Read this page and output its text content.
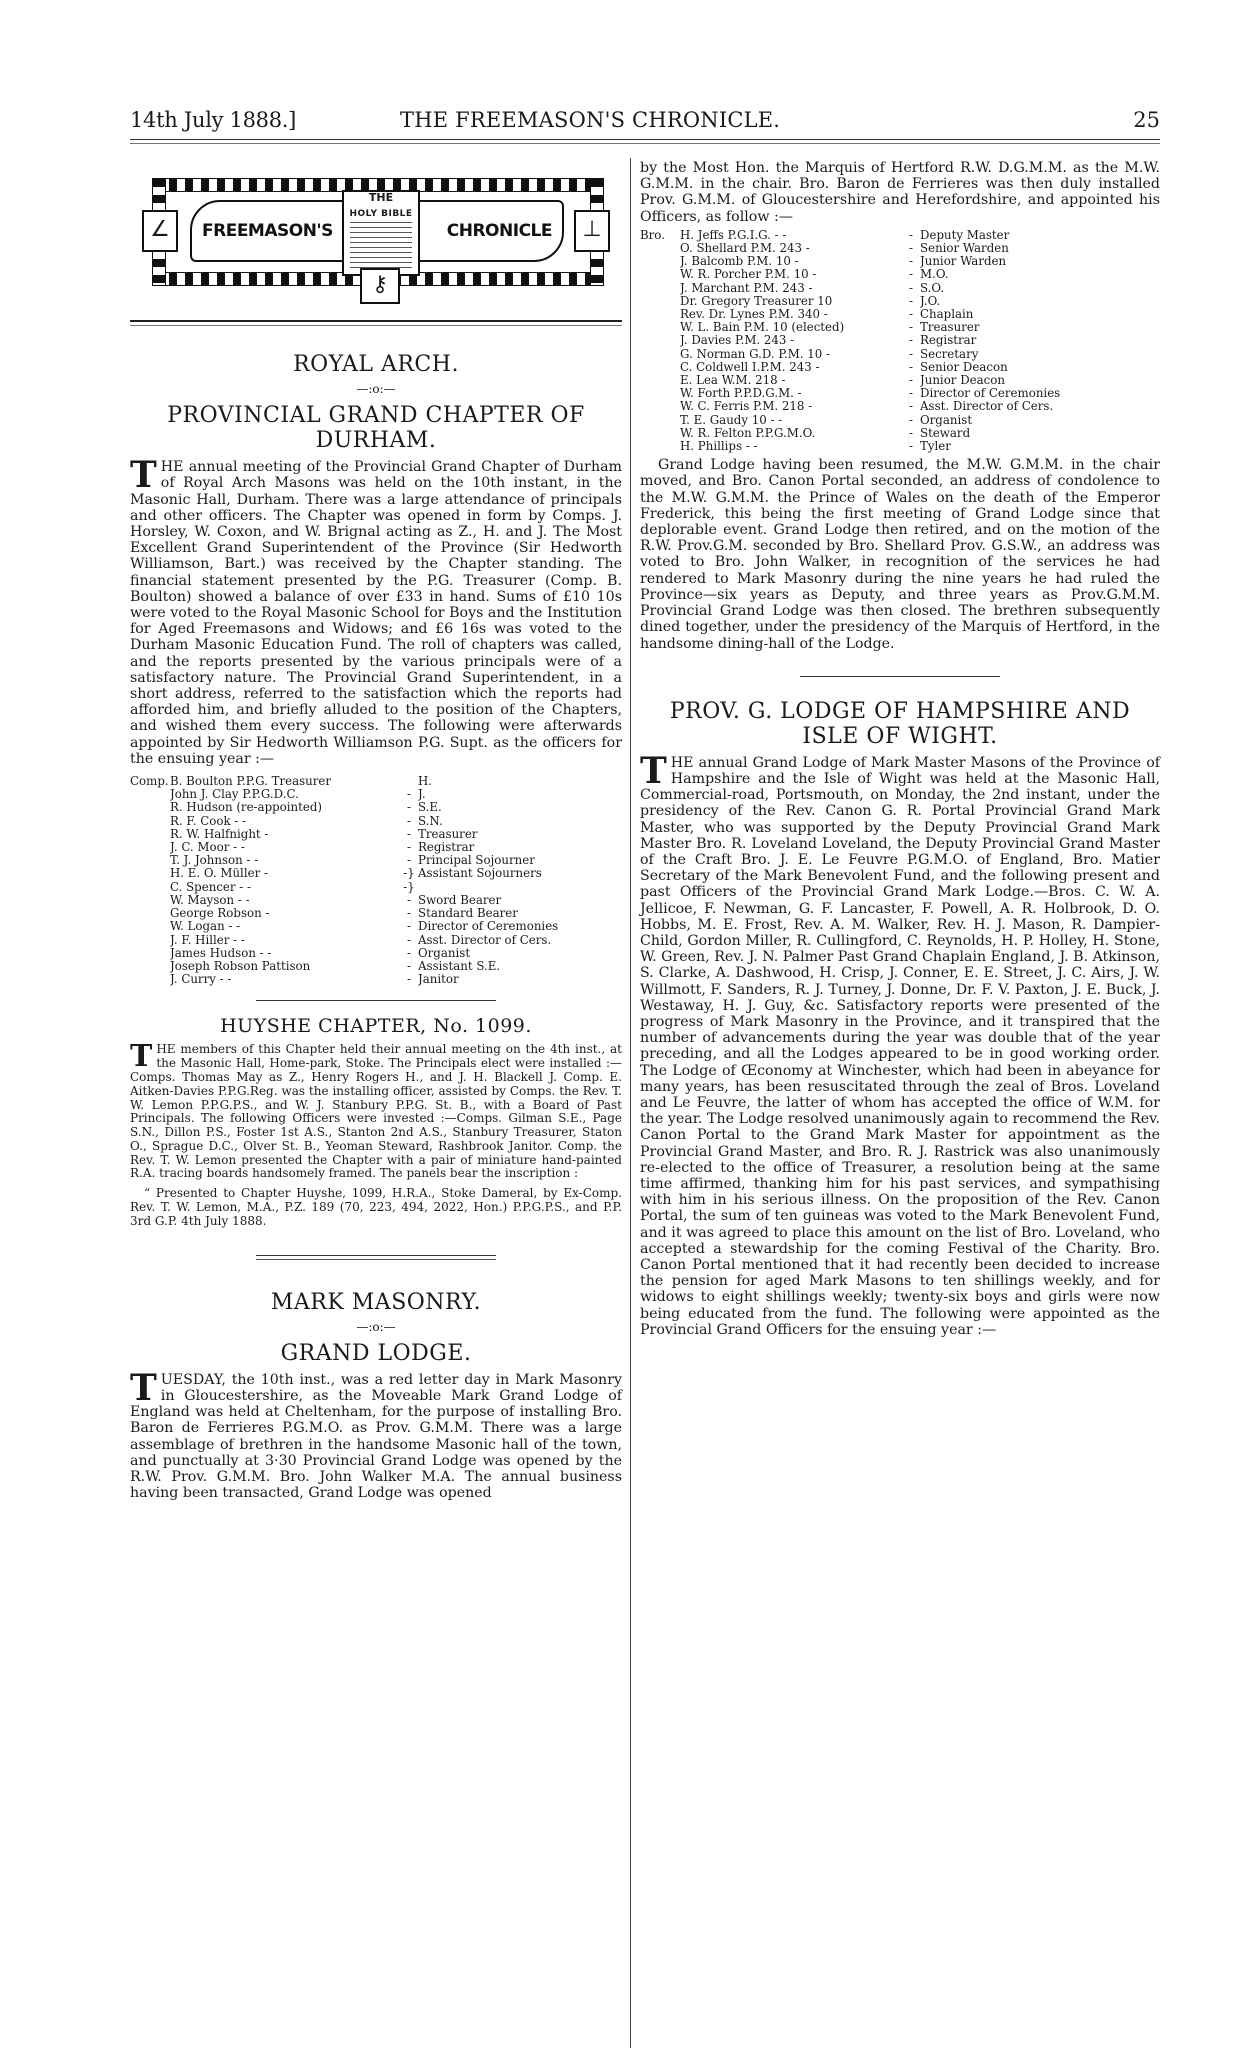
14th July 1888.]	THE FREEMASON'S CHRONICLE.	25
∠	⊥
FREEMASON'S	CHRONICLE
THE
HOLY BIBLE
⚷
ROYAL ARCH.
—:o:—
PROVINCIAL GRAND CHAPTER OF DURHAM.

THE annual meeting of the Provincial Grand Chapter of Durham of Royal Arch Masons was held on the 10th instant, in the Masonic Hall, Durham. There was a large attendance of principals and other officers. The Chapter was opened in form by Comps. J. Horsley, W. Coxon, and W. Brignal acting as Z., H. and J. The Most Excellent Grand Superintendent of the Province (Sir Hedworth Williamson, Bart.) was received by the Chapter standing. The financial statement presented by the P.G. Treasurer (Comp. B. Boulton) showed a balance of over £33 in hand. Sums of £10 10s were voted to the Royal Masonic School for Boys and the Institution for Aged Freemasons and Widows; and £6 16s was voted to the Durham Masonic Education Fund. The roll of chapters was called, and the reports presented by the various principals were of a satisfactory nature. The Provincial Grand Superintendent, in a short address, referred to the satisfaction which the reports had afforded him, and briefly alluded to the position of the Chapters, and wished them every success. The following were afterwards appointed by Sir Hedworth Williamson P.G. Supt. as the officers for the ensuing year :—

Comp.	B. Boulton P.P.G. Treasurer		H.
	John J. Clay P.P.G.D.C.	-	J.
	R. Hudson (re-appointed)	-	S.E.
	R. F. Cook - -	-	S.N.
	R. W. Halfnight -	-	Treasurer
	J. C. Moor - -	-	Registrar
	T. J. Johnson - -	-	Principal Sojourner
	H. E. O. Müller -	-}	Assistant Sojourners
	C. Spencer - -	-}	
	W. Mayson - -	-	Sword Bearer
	George Robson -	-	Standard Bearer
	W. Logan - -	-	Director of Ceremonies
	J. F. Hiller - -	-	Asst. Director of Cers.
	James Hudson - -	-	Organist
	Joseph Robson Pattison	-	Assistant S.E.
	J. Curry - -	-	Janitor
HUYSHE CHAPTER, No. 1099.

THE members of this Chapter held their annual meeting on the 4th inst., at the Masonic Hall, Home-park, Stoke. The Principals elect were installed :—Comps. Thomas May as Z., Henry Rogers H., and J. H. Blackell J. Comp. E. Aitken-Davies P.P.G.Reg. was the installing officer, assisted by Comps. the Rev. T. W. Lemon P.P.G.P.S., and W. J. Stanbury P.P.G. St. B., with a Board of Past Principals. The following Officers were invested :—Comps. Gilman S.E., Page S.N., Dillon P.S., Foster 1st A.S., Stanton 2nd A.S., Stanbury Treasurer, Staton O., Sprague D.C., Olver St. B., Yeoman Steward, Rashbrook Janitor. Comp. the Rev. T. W. Lemon presented the Chapter with a pair of miniature hand-painted R.A. tracing boards handsomely framed. The panels bear the inscription :

“ Presented to Chapter Huyshe, 1099, H.R.A., Stoke Dameral, by Ex-Comp. Rev. T. W. Lemon, M.A., P.Z. 189 (70, 223, 494, 2022, Hon.) P.P.G.P.S., and P.P. 3rd G.P. 4th July 1888.

MARK MASONRY.
—:o:—
GRAND LODGE.

TUESDAY, the 10th inst., was a red letter day in Mark Masonry in Gloucestershire, as the Moveable Mark Grand Lodge of England was held at Cheltenham, for the purpose of installing Bro. Baron de Ferrieres P.G.M.O. as Prov. G.M.M. There was a large assemblage of brethren in the handsome Masonic hall of the town, and punctually at 3·30 Provincial Grand Lodge was opened by the R.W. Prov. G.M.M. Bro. John Walker M.A. The annual business having been transacted, Grand Lodge was opened

by the Most Hon. the Marquis of Hertford R.W. D.G.M.M. as the M.W. G.M.M. in the chair. Bro. Baron de Ferrieres was then duly installed Prov. G.M.M. of Gloucestershire and Herefordshire, and appointed his Officers, as follow :—

Bro.	H. Jeffs P.G.I.G. - -	-	Deputy Master
	O. Shellard P.M. 243 -	-	Senior Warden
	J. Balcomb P.M. 10 -	-	Junior Warden
	W. R. Porcher P.M. 10 -	-	M.O.
	J. Marchant P.M. 243 -	-	S.O.
	Dr. Gregory Treasurer 10	-	J.O.
	Rev. Dr. Lynes P.M. 340 -	-	Chaplain
	W. L. Bain P.M. 10 (elected)	-	Treasurer
	J. Davies P.M. 243 -	-	Registrar
	G. Norman G.D. P.M. 10 -	-	Secretary
	C. Coldwell I.P.M. 243 -	-	Senior Deacon
	E. Lea W.M. 218 -	-	Junior Deacon
	W. Forth P.P.D.G.M. -	-	Director of Ceremonies
	W. C. Ferris P.M. 218 -	-	Asst. Director of Cers.
	T. E. Gaudy 10 - -	-	Organist
	W. R. Felton P.P.G.M.O.	-	Steward
	H. Phillips - -	-	Tyler

Grand Lodge having been resumed, the M.W. G.M.M. in the chair moved, and Bro. Canon Portal seconded, an address of condolence to the M.W. G.M.M. the Prince of Wales on the death of the Emperor Frederick, this being the first meeting of Grand Lodge since that deplorable event. Grand Lodge then retired, and on the motion of the R.W. Prov.G.M. seconded by Bro. Shellard Prov. G.S.W., an address was voted to Bro. John Walker, in recognition of the services he had rendered to Mark Masonry during the nine years he had ruled the Province—six years as Deputy, and three years as Prov.G.M.M. Provincial Grand Lodge was then closed. The brethren subsequently dined together, under the presidency of the Marquis of Hertford, in the handsome dining-hall of the Lodge.

PROV. G. LODGE OF HAMPSHIRE AND ISLE OF WIGHT.

THE annual Grand Lodge of Mark Master Masons of the Province of Hampshire and the Isle of Wight was held at the Masonic Hall, Commercial-road, Portsmouth, on Monday, the 2nd instant, under the presidency of the Rev. Canon G. R. Portal Provincial Grand Mark Master, who was supported by the Deputy Provincial Grand Mark Master Bro. R. Loveland Loveland, the Deputy Provincial Grand Master of the Craft Bro. J. E. Le Feuvre P.G.M.O. of England, Bro. Matier Secretary of the Mark Benevolent Fund, and the following present and past Officers of the Provincial Grand Mark Lodge.—Bros. C. W. A. Jellicoe, F. Newman, G. F. Lancaster, F. Powell, A. R. Holbrook, D. O. Hobbs, M. E. Frost, Rev. A. M. Walker, Rev. H. J. Mason, R. Dampier-Child, Gordon Miller, R. Cullingford, C. Reynolds, H. P. Holley, H. Stone, W. Green, Rev. J. N. Palmer Past Grand Chaplain England, J. B. Atkinson, S. Clarke, A. Dashwood, H. Crisp, J. Conner, E. E. Street, J. C. Airs, J. W. Willmott, F. Sanders, R. J. Turney, J. Donne, Dr. F. V. Paxton, J. E. Buck, J. Westaway, H. J. Guy, &c. Satisfactory reports were presented of the progress of Mark Masonry in the Province, and it transpired that the number of advancements during the year was double that of the year preceding, and all the Lodges appeared to be in good working order. The Lodge of Œconomy at Winchester, which had been in abeyance for many years, has been resuscitated through the zeal of Bros. Loveland and Le Feuvre, the latter of whom has accepted the office of W.M. for the year. The Lodge resolved unanimously again to recommend the Rev. Canon Portal to the Grand Mark Master for appointment as the Provincial Grand Master, and Bro. R. J. Rastrick was also unanimously re-elected to the office of Treasurer, a resolution being at the same time affirmed, thanking him for his past services, and sympathising with him in his serious illness. On the proposition of the Rev. Canon Portal, the sum of ten guineas was voted to the Mark Benevolent Fund, and it was agreed to place this amount on the list of Bro. Loveland, who accepted a stewardship for the coming Festival of the Charity. Bro. Canon Portal mentioned that it had recently been decided to increase the pension for aged Mark Masons to ten shillings weekly, and for widows to eight shillings weekly; twenty-six boys and girls were now being educated from the fund. The following were appointed as the Provincial Grand Officers for the ensuing year :—
